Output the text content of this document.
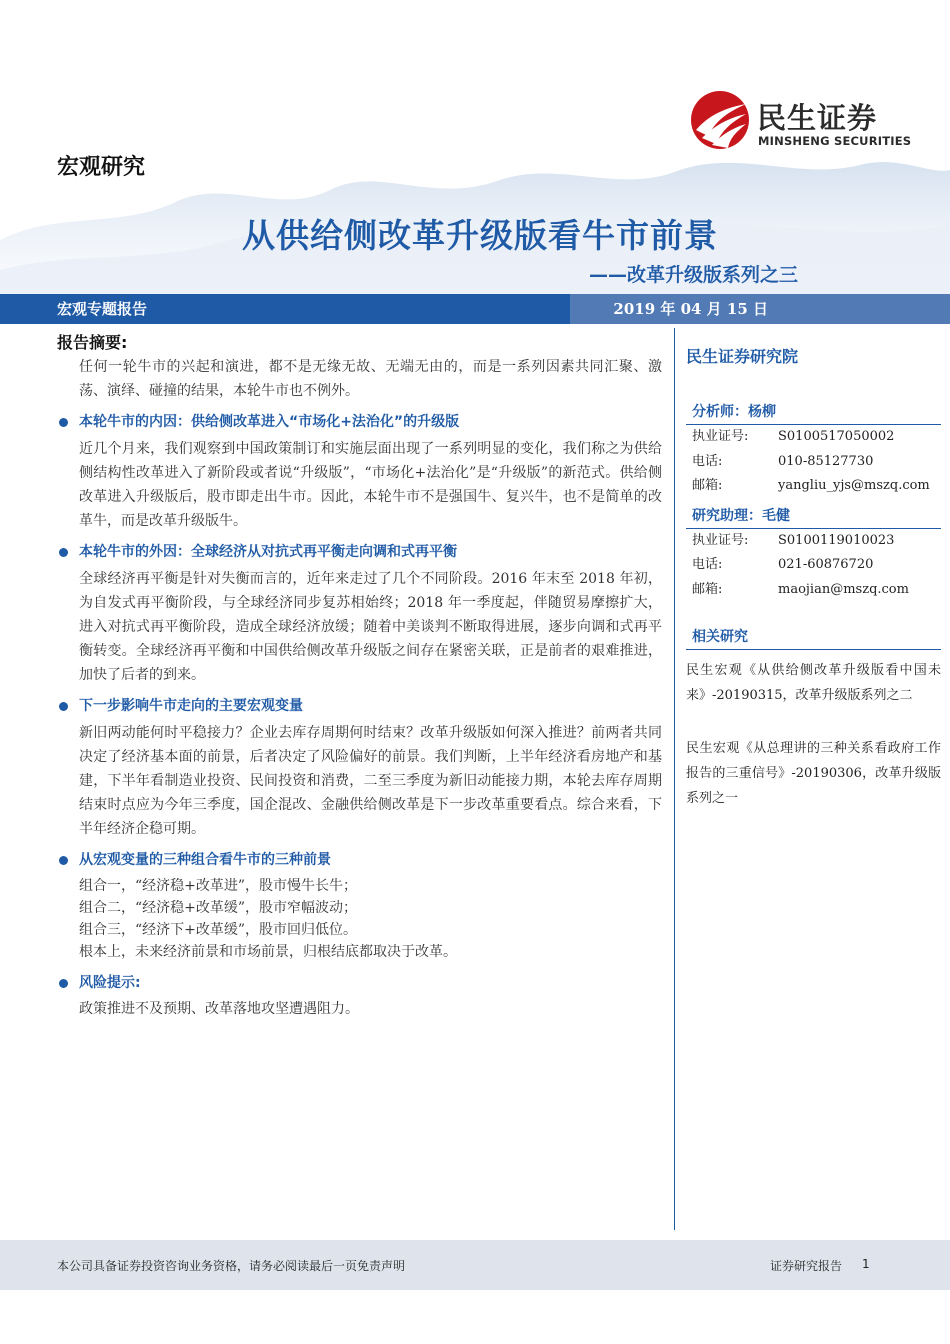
民生证券
MINSHENG SECURITIES
宏观研究
从供给侧改革升级版看牛市前景
——改革升级版系列之三
宏观专题报告	2019 年 04 月 15 日
报告摘要:

任何一轮牛市的兴起和演进，都不是无缘无故、无端无由的，而是一系列因素共同汇聚、激荡、演绎、碰撞的结果，本轮牛市也不例外。

本轮牛市的内因：供给侧改革进入“市场化+法治化”的升级版

近几个月来，我们观察到中国政策制订和实施层面出现了一系列明显的变化，我们称之为供给侧结构性改革进入了新阶段或者说“升级版”，“市场化+法治化”是“升级版”的新范式。供给侧改革进入升级版后，股市即走出牛市。因此，本轮牛市不是强国牛、复兴牛，也不是简单的改革牛，而是改革升级版牛。

本轮牛市的外因：全球经济从对抗式再平衡走向调和式再平衡

全球经济再平衡是针对失衡而言的，近年来走过了几个不同阶段。2016 年末至 2018 年初，为自发式再平衡阶段，与全球经济同步复苏相始终；2018 年一季度起，伴随贸易摩擦扩大，进入对抗式再平衡阶段，造成全球经济放缓；随着中美谈判不断取得进展，逐步向调和式再平衡转变。全球经济再平衡和中国供给侧改革升级版之间存在紧密关联，正是前者的艰难推进，加快了后者的到来。

下一步影响牛市走向的主要宏观变量

新旧两动能何时平稳接力？企业去库存周期何时结束？改革升级版如何深入推进？前两者共同决定了经济基本面的前景，后者决定了风险偏好的前景。我们判断，上半年经济看房地产和基建，下半年看制造业投资、民间投资和消费，二至三季度为新旧动能接力期，本轮去库存周期结束时点应为今年三季度，国企混改、金融供给侧改革是下一步改革重要看点。综合来看，下半年经济企稳可期。

从宏观变量的三种组合看牛市的三种前景
组合一，“经济稳+改革进”，股市慢牛长牛；
组合二，“经济稳+改革缓”，股市窄幅波动；
组合三，“经济下+改革缓”，股市回归低位。
根本上，未来经济前景和市场前景，归根结底都取决于改革。
风险提示:
政策推进不及预期、改革落地攻坚遭遇阻力。
民生证券研究院
分析师：杨柳
执业证号:	S0100517050002
电话:	010-85127730
邮箱:	yangliu_yjs@mszq.com
研究助理：毛健
执业证号:	S0100119010023
电话:	021-60876720
邮箱:	maojian@mszq.com
相关研究
民生宏观《从供给侧改革升级版看中国未来》-20190315，改革升级版系列之二
民生宏观《从总理讲的三种关系看政府工作报告的三重信号》-20190306，改革升级版系列之一
本公司具备证券投资咨询业务资格，请务必阅读最后一页免责声明	证券研究报告 1
